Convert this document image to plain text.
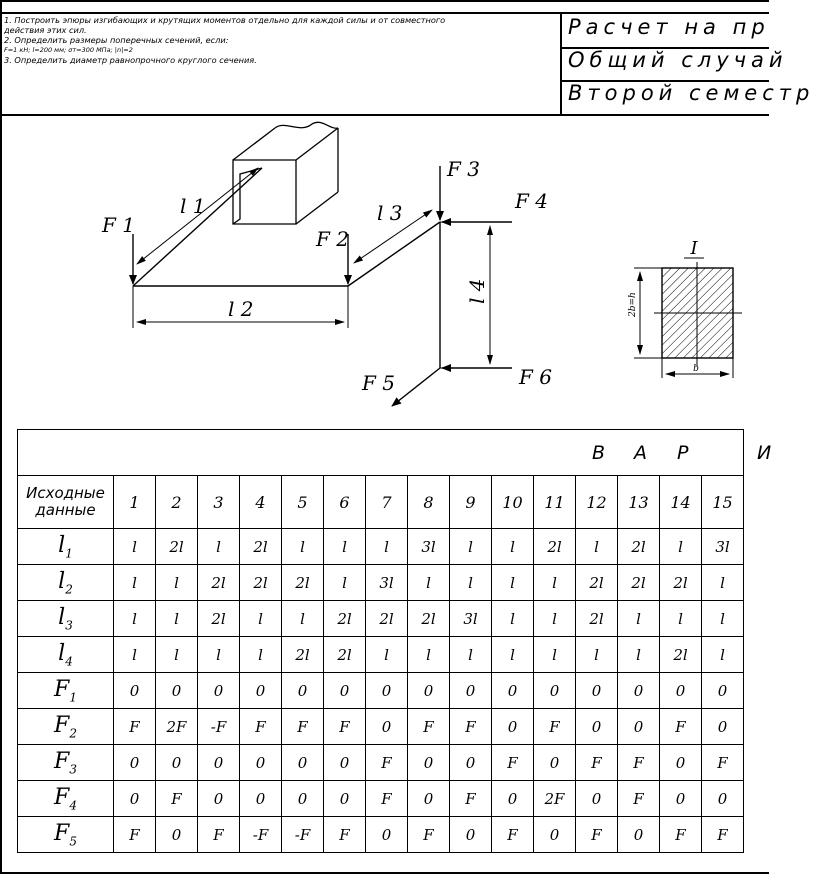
1. Построить эпюры изгибающих и крутящих моментов отдельно для каждой силы и от совместного
действия этих сил.
2. Определить размеры поперечных сечений, если:
F=1 кН; l=200 мм; σт=300 МПа; |n|=2
3. Определить диаметр равнопрочного круглого сечения.
Расчет на пр
Общий случай
Второй семестр
F 1
F 2
F 3
F 4
F 5	F 6
l 1
l 2
l 3
l 4
I
2b=h
b

Исходные данные	1	2	3	4	5	6	7	8	9	10	11	12	13	14	15
$l_1$	l	2l	l	2l	l	l	l	3l	l	l	2l	l	2l	l	3l
$l_2$	l	l	2l	2l	2l	l	3l	l	l	l	l	2l	2l	2l	l
$l_3$	l	l	2l	l	l	2l	2l	2l	3l	l	l	2l	l	l	l
$l_4$	l	l	l	l	2l	2l	l	l	l	l	l	l	l	2l	l
$F_1$	0	0	0	0	0	0	0	0	0	0	0	0	0	0	0
$F_2$	F	2F	-F	F	F	F	0	F	F	0	F	0	0	F	0
$F_3$	0	0	0	0	0	0	F	0	0	F	0	F	F	0	F
$F_4$	0	F	0	0	0	0	F	0	F	0	2F	0	F	0	0
$F_5$	F	0	F	-F	-F	F	0	F	0	F	0	F	0	F	F
В А Р	И
